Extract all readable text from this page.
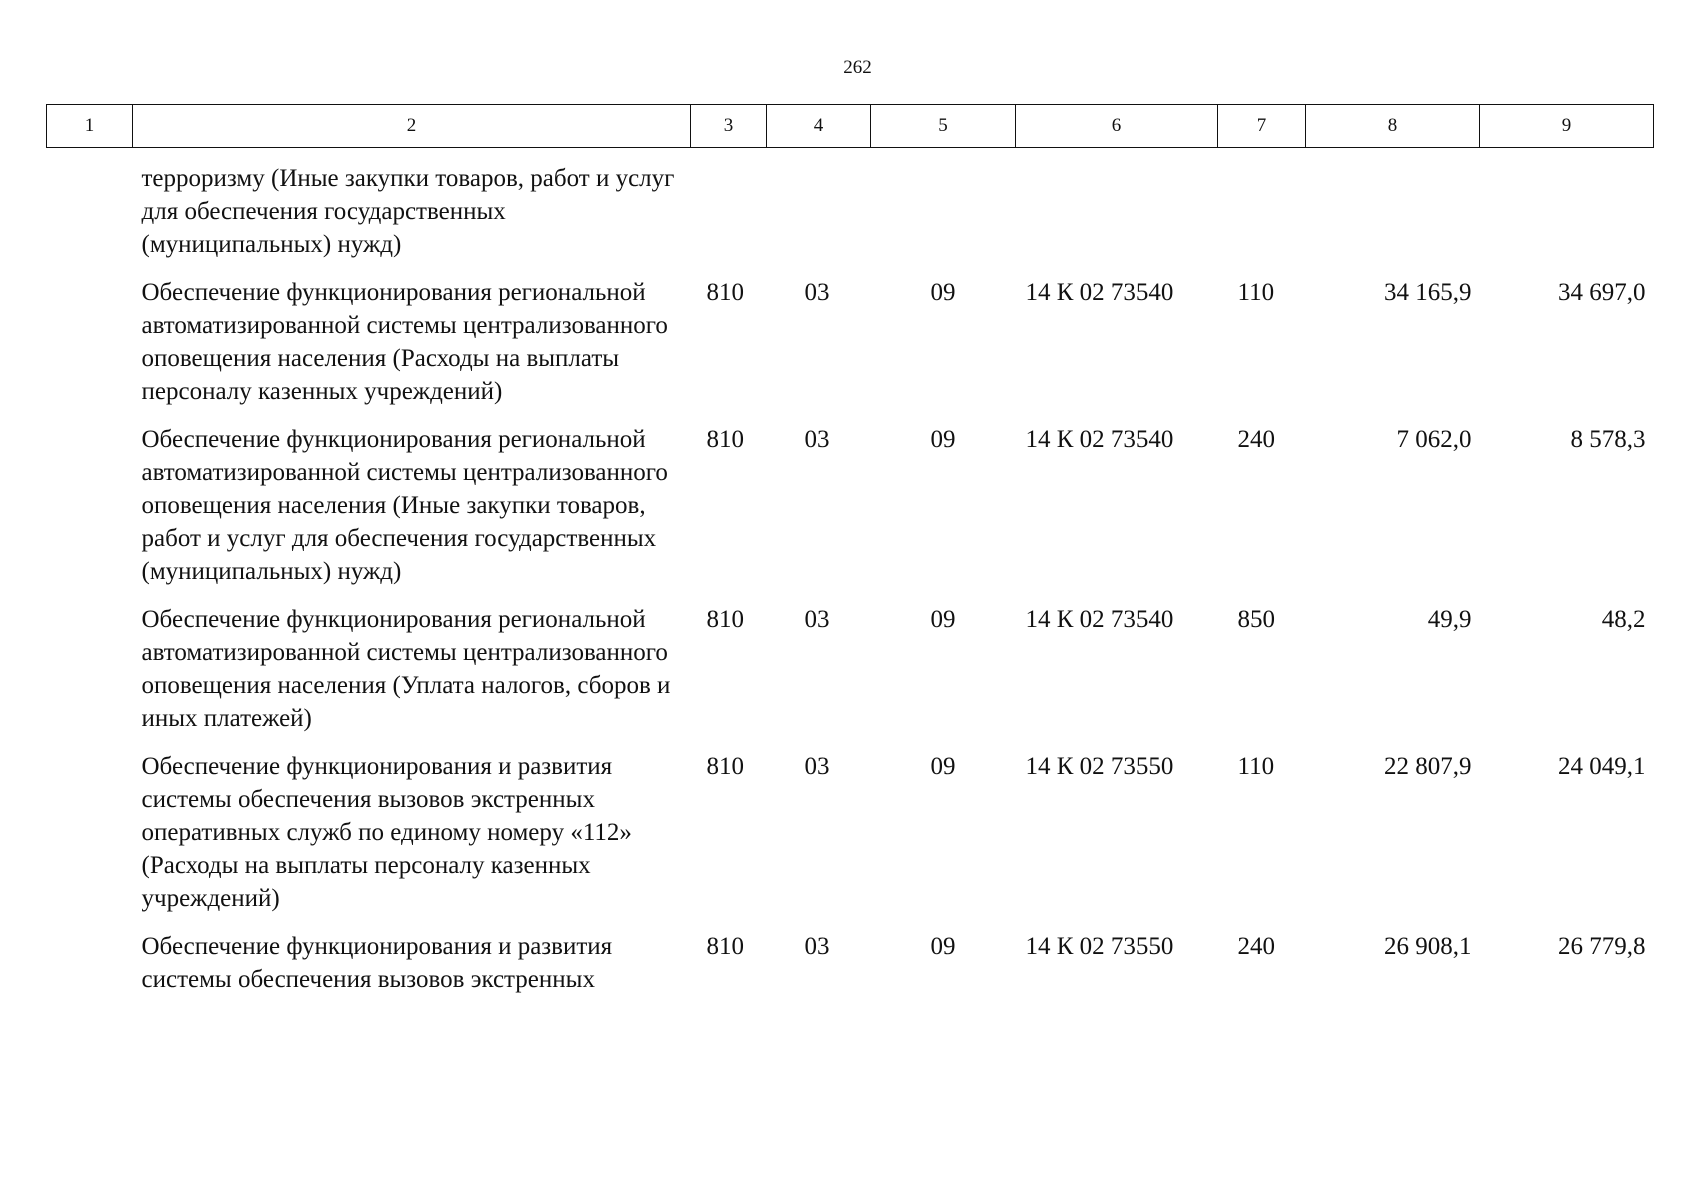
262
1	2	3	4	5	6	7	8	9
	терроризму (Иные закупки товаров, работ и услуг для обеспечения государственных (муниципальных) нужд)							
	Обеспечение функционирования региональной автоматизированной системы централизованного оповещения населения (Расходы на выплаты персоналу казенных учреждений)	810	03	09	14 К 02 73540	110	34 165,9	34 697,0
	Обеспечение функционирования региональной автоматизированной системы централизованного оповещения населения (Иные закупки товаров, работ и услуг для обеспечения государственных (муниципальных) нужд)	810	03	09	14 К 02 73540	240	7 062,0	8 578,3
	Обеспечение функционирования региональной автоматизированной системы централизованного оповещения населения (Уплата налогов, сборов и иных платежей)	810	03	09	14 К 02 73540	850	49,9	48,2
	Обеспечение функционирования и развития системы обеспечения вызовов экстренных оперативных служб по единому номеру «112» (Расходы на выплаты персоналу казенных учреждений)	810	03	09	14 К 02 73550	110	22 807,9	24 049,1
	Обеспечение функционирования и развития системы обеспечения вызовов экстренных	810	03	09	14 К 02 73550	240	26 908,1	26 779,8
